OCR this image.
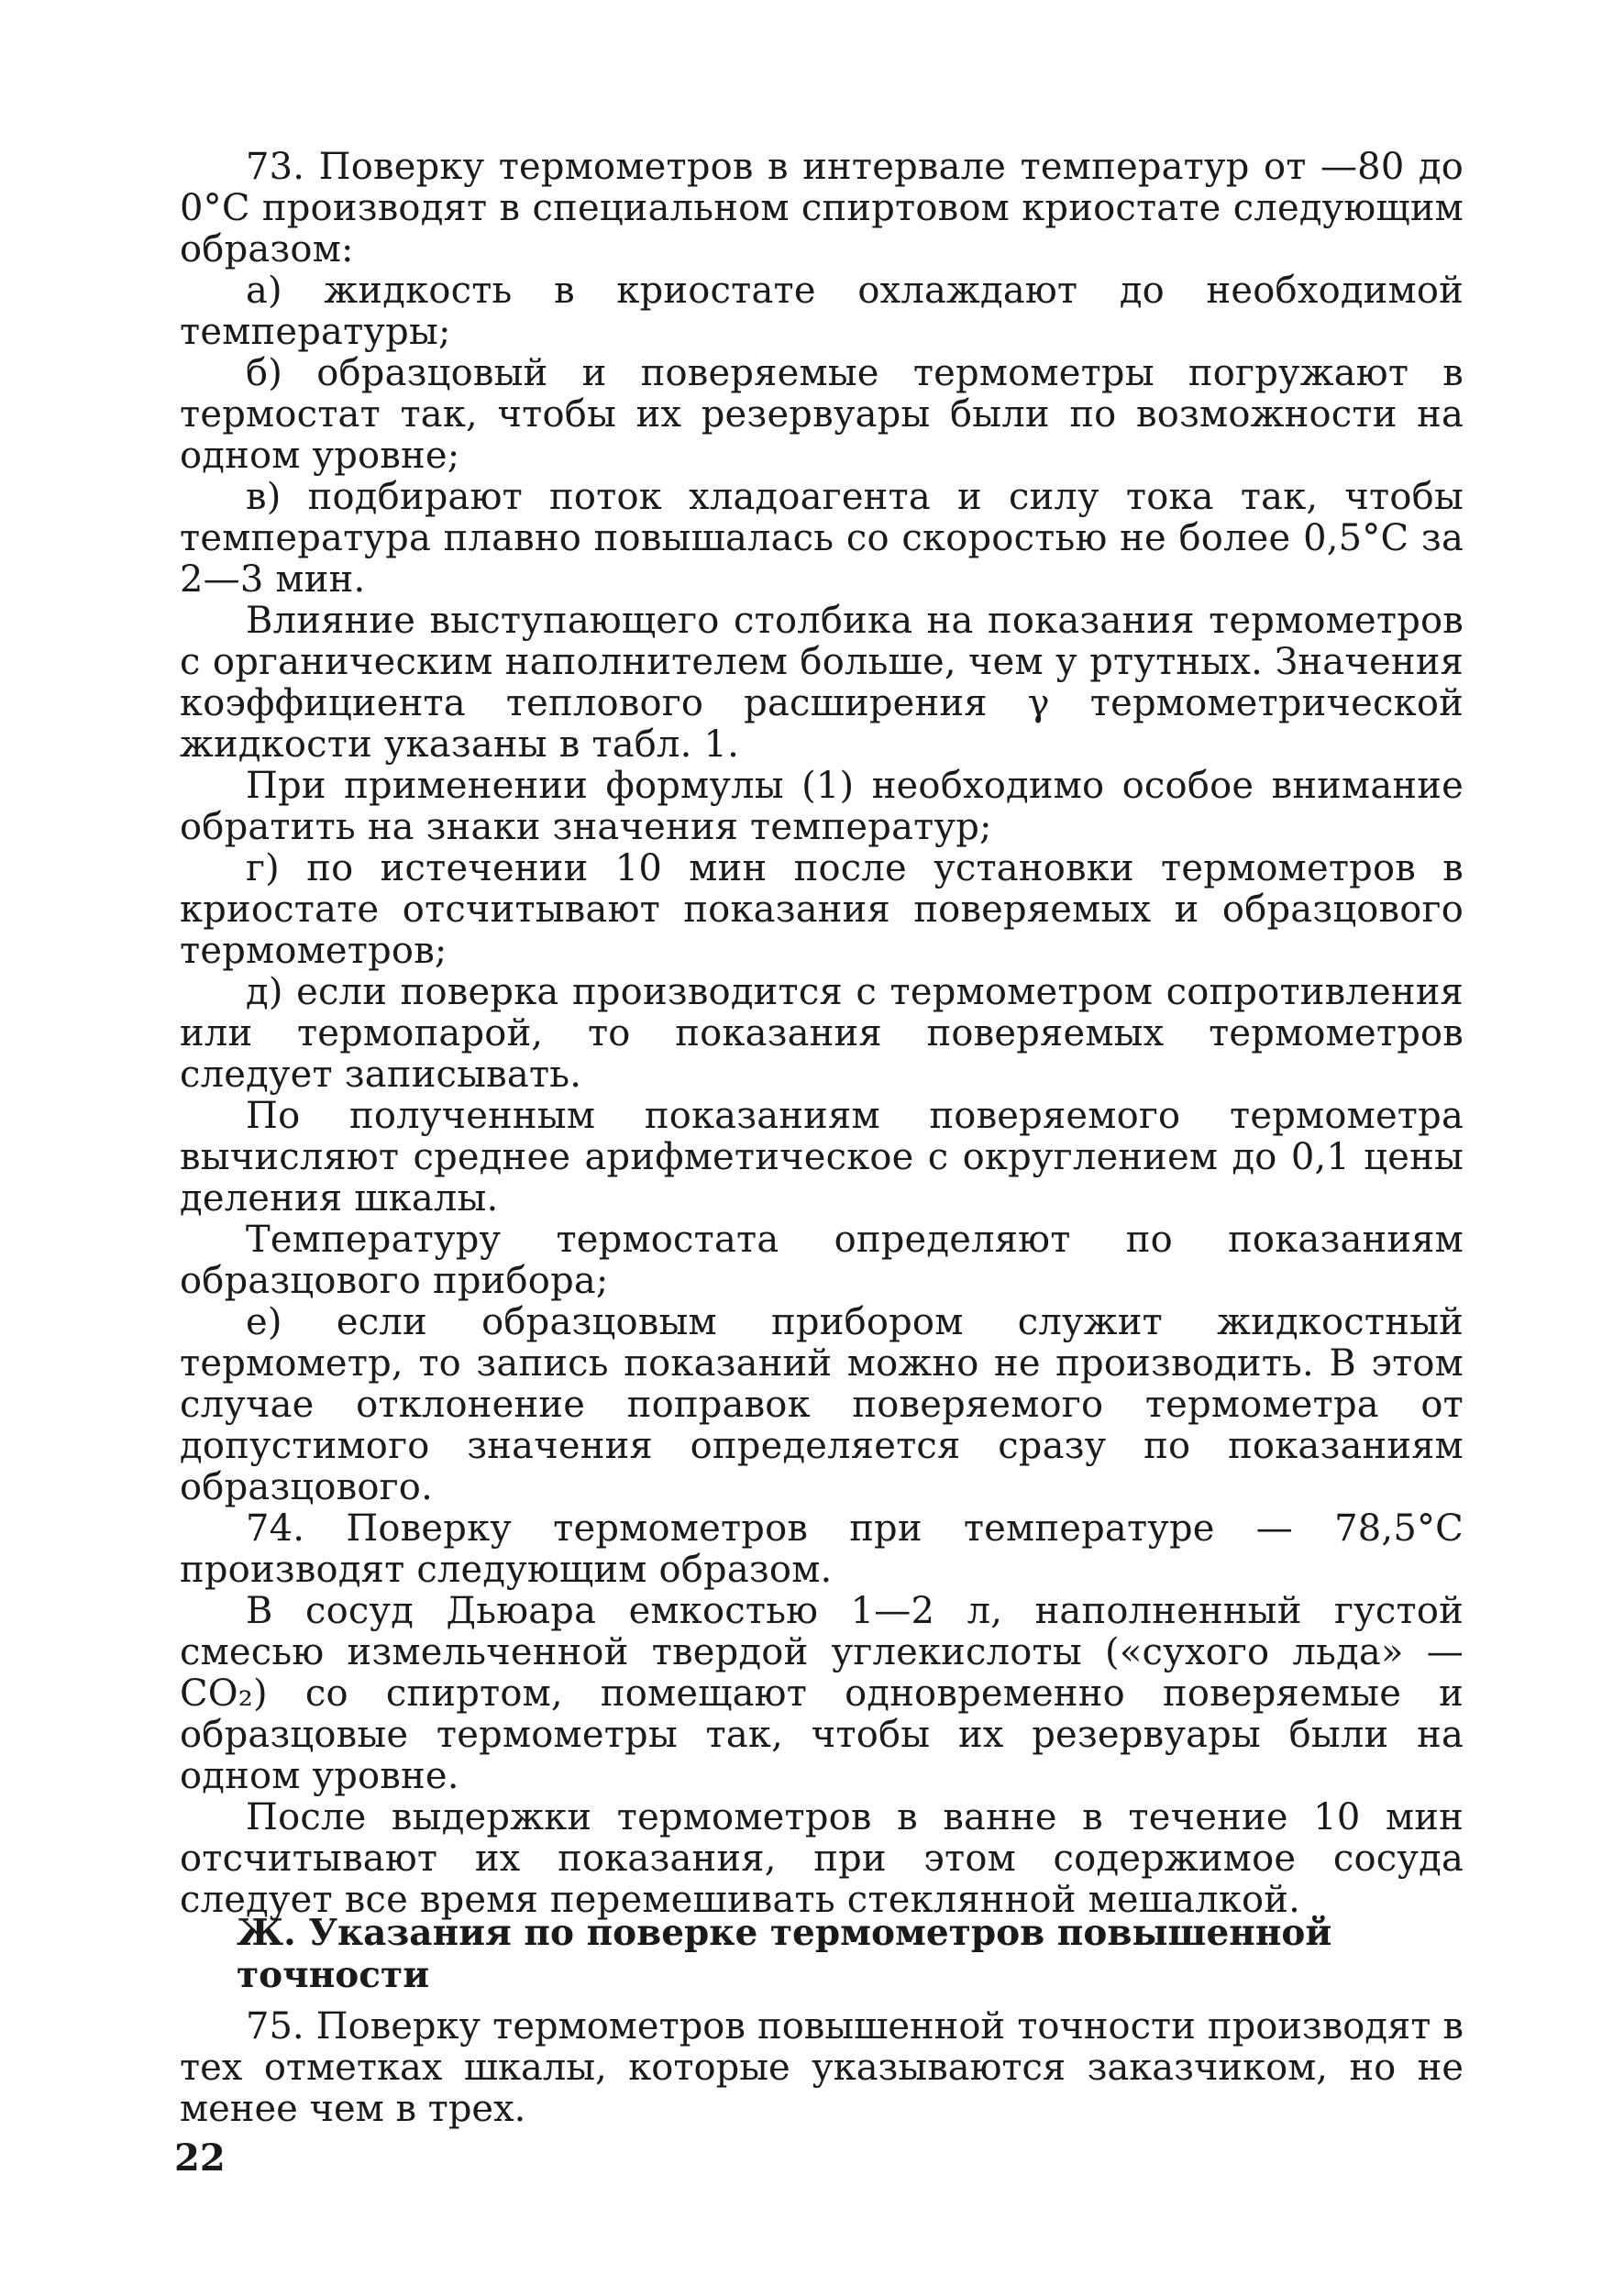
73. Поверку термометров в интервале температур от —80 до 0°С производят в специальном спиртовом криостате следующим образом:

а) жидкость в криостате охлаждают до необходимой температуры;

б) образцовый и поверяемые термометры погружают в термостат так, чтобы их резервуары были по возможности на одном уровне;

в) подбирают поток хладоагента и силу тока так, чтобы температура плавно повышалась со скоростью не более 0,5°С за 2—3 мин.

Влияние выступающего столбика на показания термометров с органическим наполнителем больше, чем у ртутных. Значения коэффициента теплового расширения γ термометрической жидкости указаны в табл. 1.

При применении формулы (1) необходимо особое внимание обратить на знаки значения температур;

г) по истечении 10 мин после установки термометров в криостате отсчитывают показания поверяемых и образцового термометров;

д) если поверка производится с термометром сопротивления или термопарой, то показания поверяемых термометров следует записывать.

По полученным показаниям поверяемого термометра вычисляют среднее арифметическое с округлением до 0,1 цены деления шкалы.

Температуру термостата определяют по показаниям образцового прибора;

е) если образцовым прибором служит жидкостный термометр, то запись показаний можно не производить. В этом случае отклонение поправок поверяемого термометра от допустимого значения определяется сразу по показаниям образцового.

74. Поверку термометров при температуре — 78,5°С производят следующим образом.

В сосуд Дьюара емкостью 1—2 л, наполненный густой смесью измельченной твердой углекислоты («сухого льда» — CO₂) со спиртом, помещают одновременно поверяемые и образцовые термометры так, чтобы их резервуары были на одном уровне.

После выдержки термометров в ванне в течение 10 мин отсчитывают их показания, при этом содержимое сосуда следует все время перемешивать стеклянной мешалкой.

Ж. Указания по поверке термометров повышенной точности

75. Поверку термометров повышенной точности производят в тех отметках шкалы, которые указываются заказчиком, но не менее чем в трех.

22
